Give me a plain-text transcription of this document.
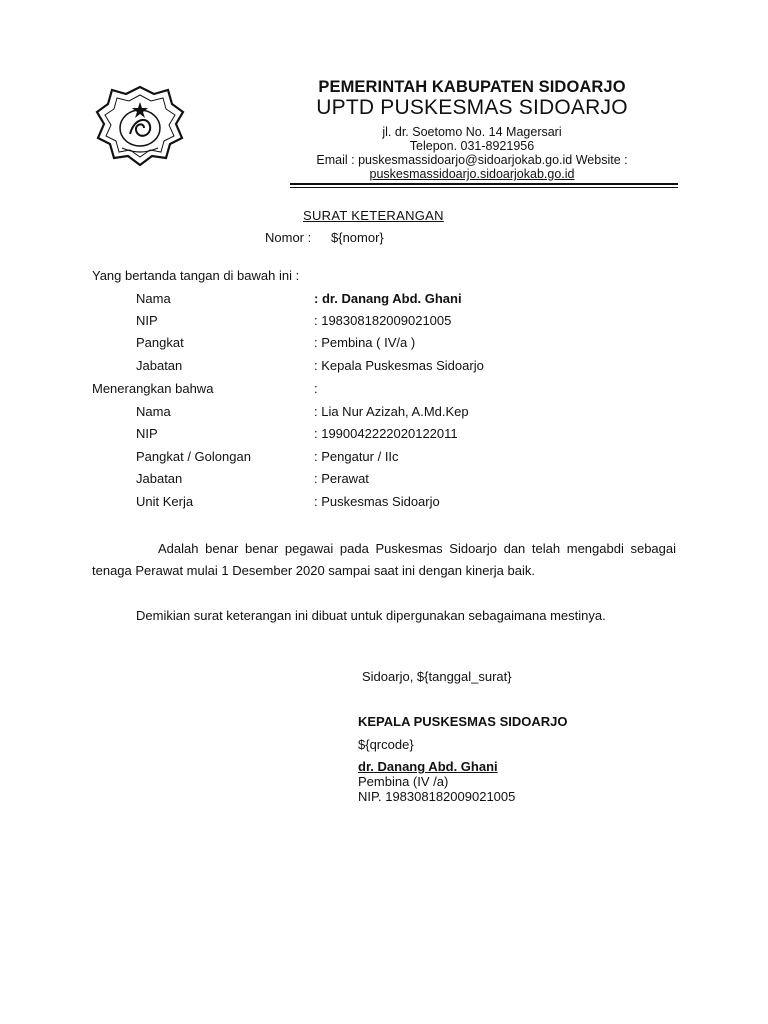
PEMERINTAH KABUPATEN SIDOARJO
UPTD PUSKESMAS SIDOARJO
jl. dr. Soetomo No. 14 Magersari
Telepon. 031-8921956
Email : puskesmassidoarjo@sidoarjokab.go.id Website :
puskesmassidoarjo.sidoarjokab.go.id
SURAT KETERANGAN
Nomor : ${nomor}
Yang bertanda tangan di bawah ini :
Nama	: dr. Danang Abd. Ghani
NIP	: 198308182009021005
Pangkat	: Pembina ( IV/a )
Jabatan	: Kepala Puskesmas Sidoarjo
Menerangkan bahwa	:
Nama	: Lia Nur Azizah, A.Md.Kep
NIP	: 1990042222020122011
Pangkat / Golongan	: Pengatur / IIc
Jabatan	: Perawat
Unit Kerja	: Puskesmas Sidoarjo
Adalah benar benar pegawai pada Puskesmas Sidoarjo dan telah mengabdi sebagai tenaga Perawat mulai 1 Desember 2020 sampai saat ini dengan kinerja baik.
Demikian surat keterangan ini dibuat untuk dipergunakan sebagaimana mestinya.
Sidoarjo, ${tanggal_surat}
KEPALA PUSKESMAS SIDOARJO
${qrcode}
dr. Danang Abd. Ghani
Pembina (IV /a)
NIP. 198308182009021005
